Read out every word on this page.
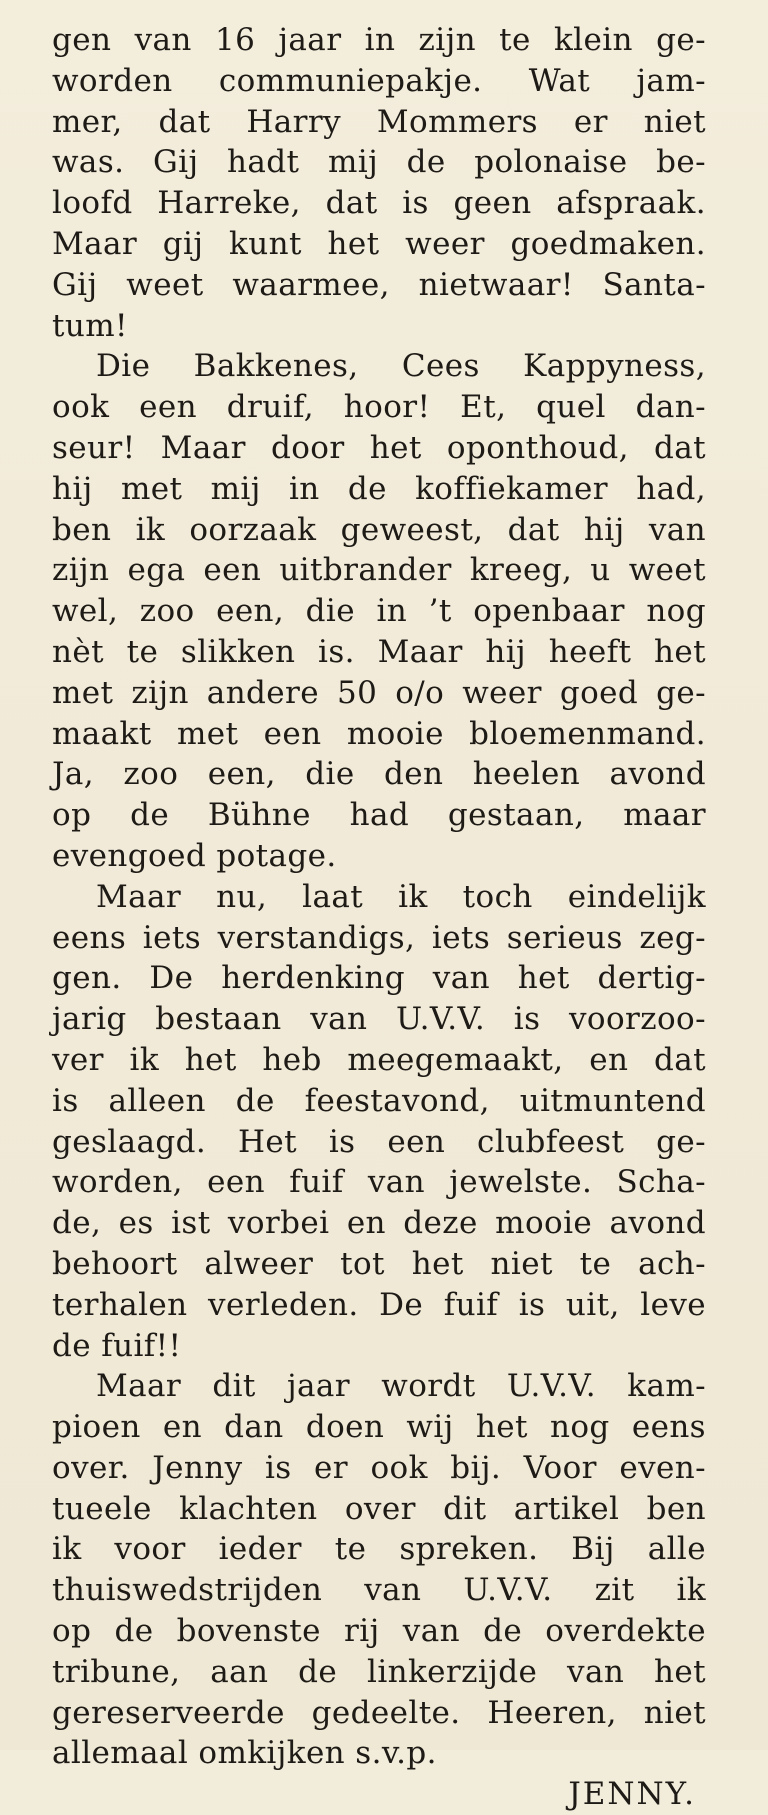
gen van 16 jaar in zijn te klein ge-
worden communiepakje. Wat jam-
mer, dat Harry Mommers er niet
was. Gij hadt mij de polonaise be-
loofd Harreke, dat is geen afspraak.
Maar gij kunt het weer goedmaken.
Gij weet waarmee, nietwaar! Santa-
tum!
Die Bakkenes, Cees Kappyness,
ook een druif, hoor! Et, quel dan-
seur! Maar door het oponthoud, dat
hij met mij in de koffiekamer had,
ben ik oorzaak geweest, dat hij van
zijn ega een uitbrander kreeg, u weet
wel, zoo een, die in ’t openbaar nog
nèt te slikken is. Maar hij heeft het
met zijn andere 50 o/o weer goed ge-
maakt met een mooie bloemenmand.
Ja, zoo een, die den heelen avond
op de Bühne had gestaan, maar
evengoed potage.
Maar nu, laat ik toch eindelijk
eens iets verstandigs, iets serieus zeg-
gen. De herdenking van het dertig-
jarig bestaan van U.V.V. is voorzoo-
ver ik het heb meegemaakt, en dat
is alleen de feestavond, uitmuntend
geslaagd. Het is een clubfeest ge-
worden, een fuif van jewelste. Scha-
de, es ist vorbei en deze mooie avond
behoort alweer tot het niet te ach-
terhalen verleden. De fuif is uit, leve
de fuif!!
Maar dit jaar wordt U.V.V. kam-
pioen en dan doen wij het nog eens
over. Jenny is er ook bij. Voor even-
tueele klachten over dit artikel ben
ik voor ieder te spreken. Bij alle
thuiswedstrijden van U.V.V. zit ik
op de bovenste rij van de overdekte
tribune, aan de linkerzijde van het
gereserveerde gedeelte. Heeren, niet
allemaal omkijken s.v.p.
JENNY.
